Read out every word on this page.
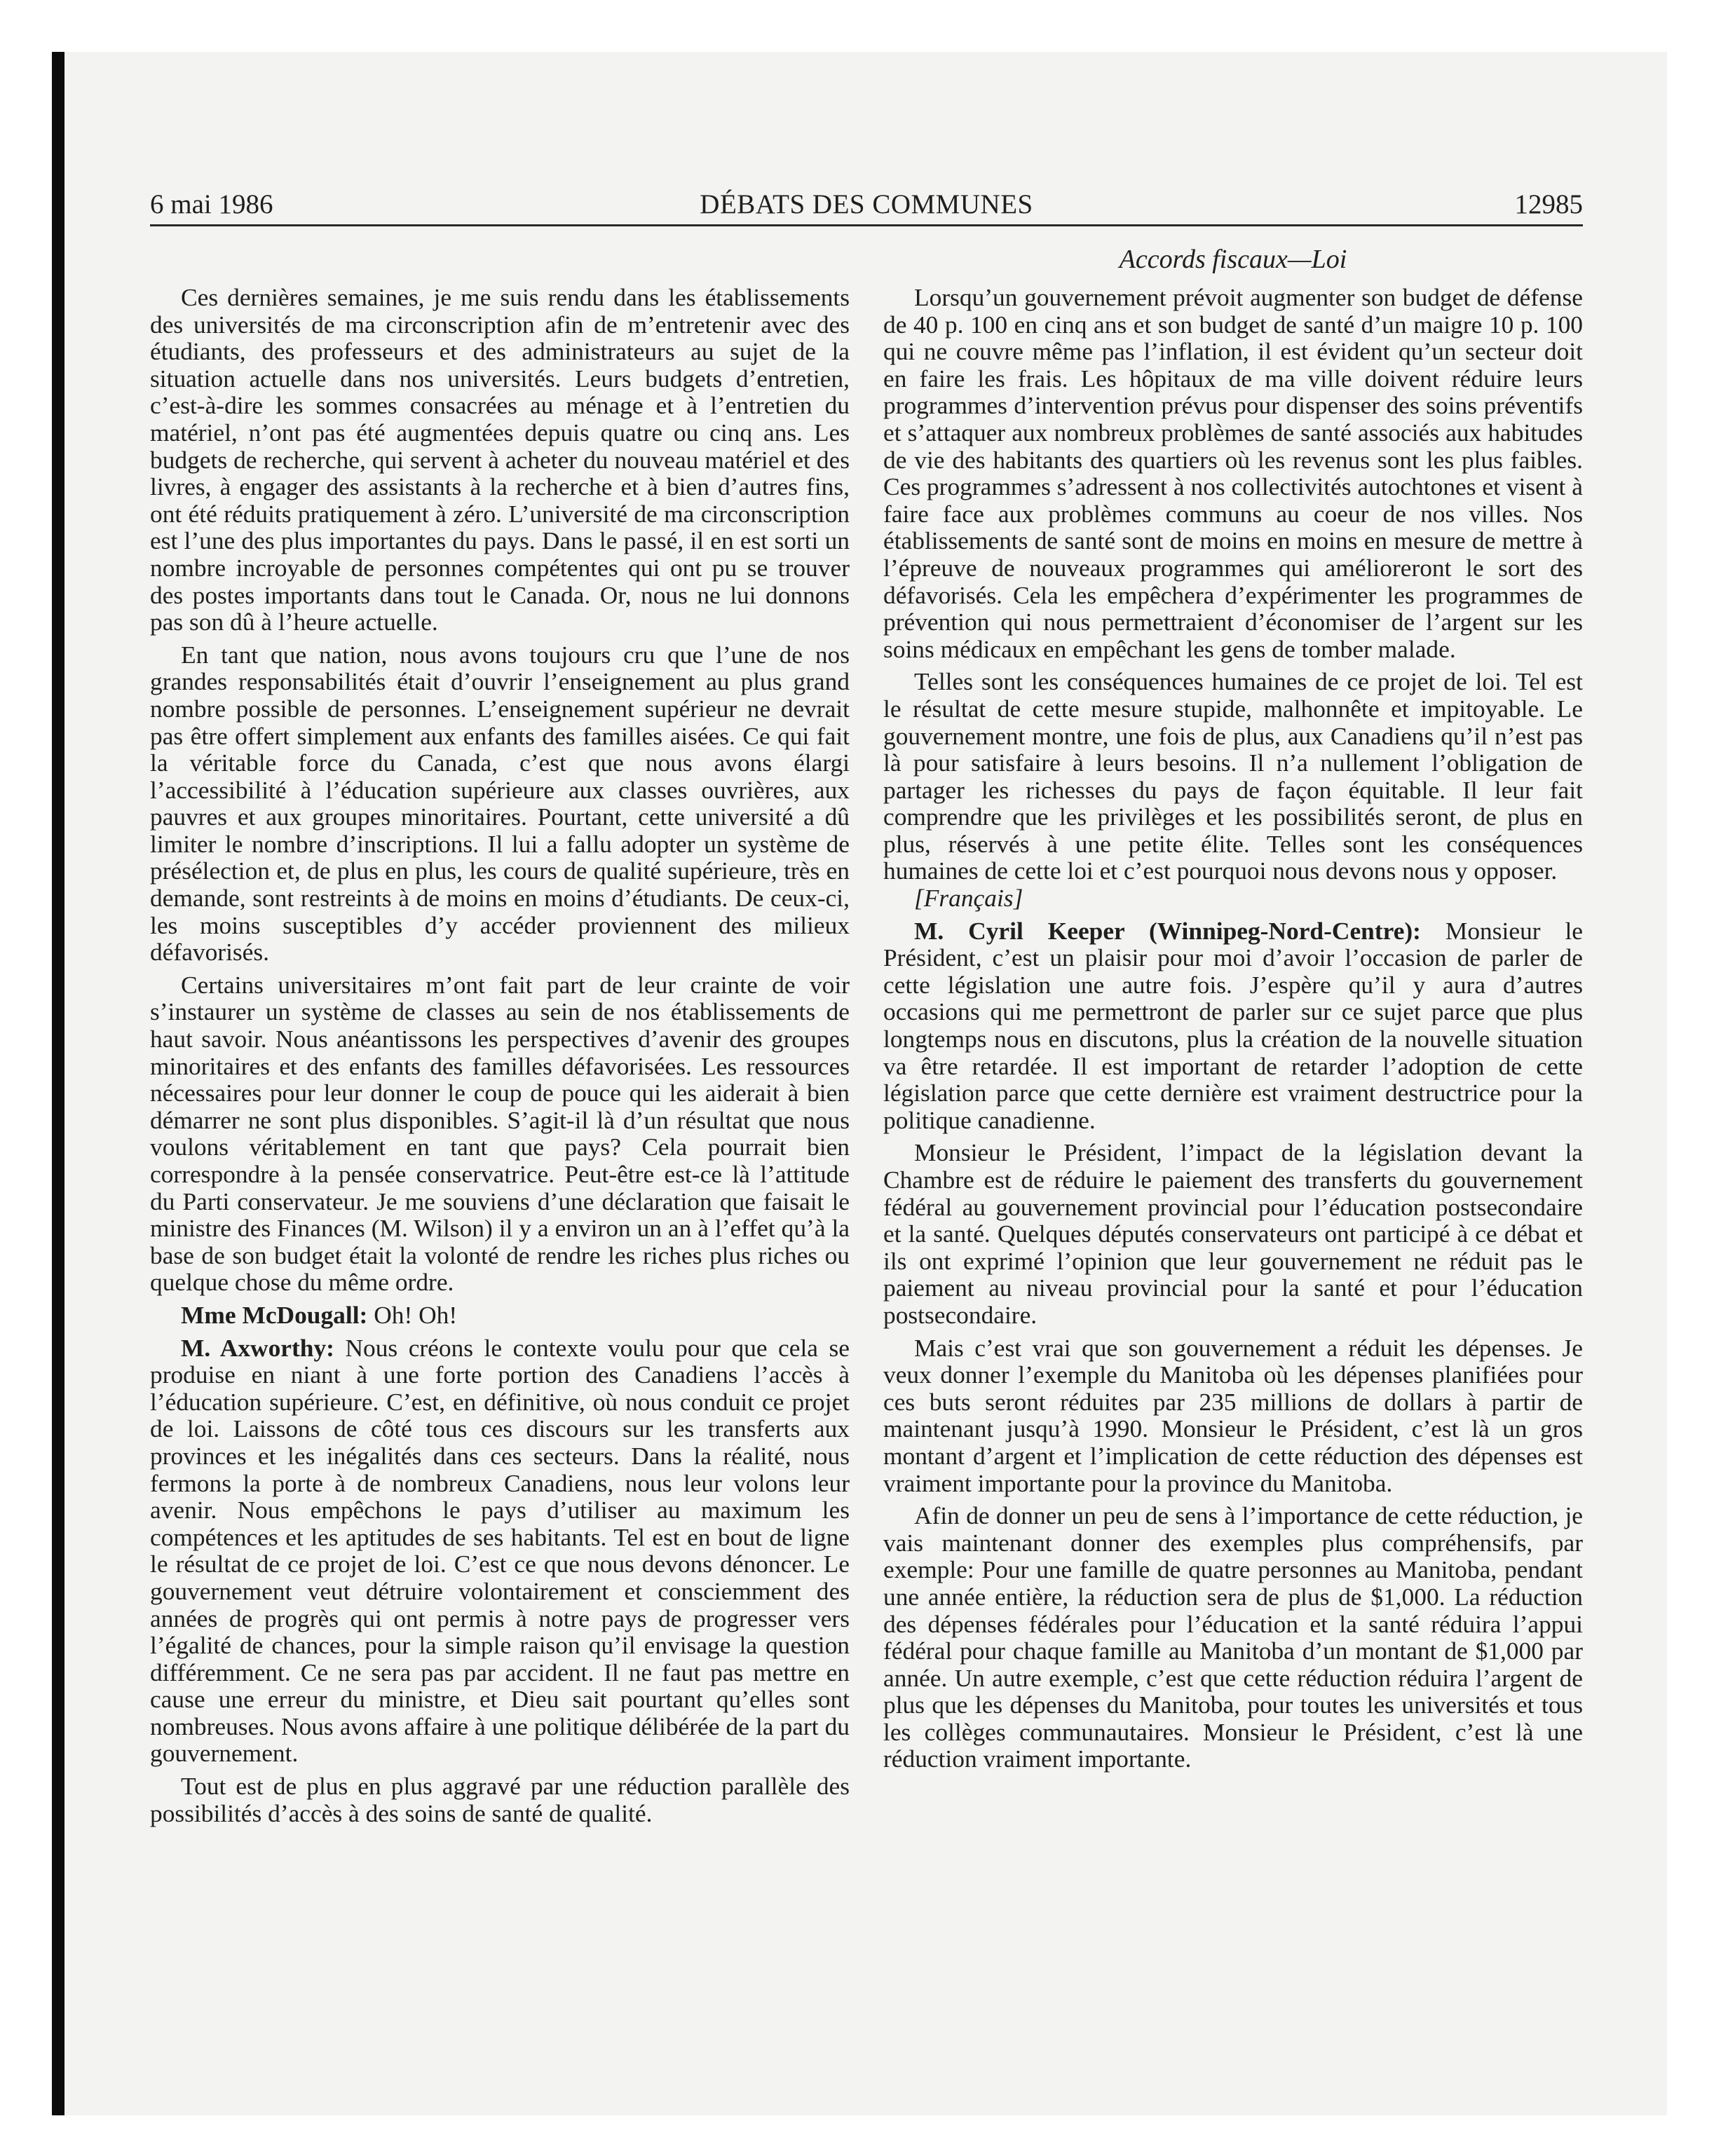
6 mai 1986	DÉBATS DES COMMUNES	12985
Accords fiscaux—Loi

Ces dernières semaines, je me suis rendu dans les établissements des universités de ma circonscription afin de m’entretenir avec des étudiants, des professeurs et des administrateurs au sujet de la situation actuelle dans nos universités. Leurs budgets d’entretien, c’est-à-dire les sommes consacrées au ménage et à l’entretien du matériel, n’ont pas été augmentées depuis quatre ou cinq ans. Les budgets de recherche, qui servent à acheter du nouveau matériel et des livres, à engager des assistants à la recherche et à bien d’autres fins, ont été réduits pratiquement à zéro. L’université de ma circonscription est l’une des plus importantes du pays. Dans le passé, il en est sorti un nombre incroyable de personnes compétentes qui ont pu se trouver des postes importants dans tout le Canada. Or, nous ne lui donnons pas son dû à l’heure actuelle.

En tant que nation, nous avons toujours cru que l’une de nos grandes responsabilités était d’ouvrir l’enseignement au plus grand nombre possible de personnes. L’enseignement supérieur ne devrait pas être offert simplement aux enfants des familles aisées. Ce qui fait la véritable force du Canada, c’est que nous avons élargi l’accessibilité à l’éducation supérieure aux classes ouvrières, aux pauvres et aux groupes minoritaires. Pourtant, cette université a dû limiter le nombre d’inscriptions. Il lui a fallu adopter un système de présélection et, de plus en plus, les cours de qualité supérieure, très en demande, sont restreints à de moins en moins d’étudiants. De ceux-ci, les moins susceptibles d’y accéder proviennent des milieux défavorisés.

Certains universitaires m’ont fait part de leur crainte de voir s’instaurer un système de classes au sein de nos établissements de haut savoir. Nous anéantissons les perspectives d’avenir des groupes minoritaires et des enfants des familles défavorisées. Les ressources nécessaires pour leur donner le coup de pouce qui les aiderait à bien démarrer ne sont plus disponibles. S’agit-il là d’un résultat que nous voulons véritablement en tant que pays? Cela pourrait bien correspondre à la pensée conservatrice. Peut-être est-ce là l’attitude du Parti conservateur. Je me souviens d’une déclaration que faisait le ministre des Finances (M. Wilson) il y a environ un an à l’effet qu’à la base de son budget était la volonté de rendre les riches plus riches ou quelque chose du même ordre.

Mme McDougall: Oh! Oh!

M. Axworthy: Nous créons le contexte voulu pour que cela se produise en niant à une forte portion des Canadiens l’accès à l’éducation supérieure. C’est, en définitive, où nous conduit ce projet de loi. Laissons de côté tous ces discours sur les transferts aux provinces et les inégalités dans ces secteurs. Dans la réalité, nous fermons la porte à de nombreux Canadiens, nous leur volons leur avenir. Nous empêchons le pays d’utiliser au maximum les compétences et les aptitudes de ses habitants. Tel est en bout de ligne le résultat de ce projet de loi. C’est ce que nous devons dénoncer. Le gouvernement veut détruire volontairement et consciemment des années de progrès qui ont permis à notre pays de progresser vers l’égalité de chances, pour la simple raison qu’il envisage la question différemment. Ce ne sera pas par accident. Il ne faut pas mettre en cause une erreur du ministre, et Dieu sait pourtant qu’elles sont nombreuses. Nous avons affaire à une politique délibérée de la part du gouvernement.

Tout est de plus en plus aggravé par une réduction parallèle des possibilités d’accès à des soins de santé de qualité.

Lorsqu’un gouvernement prévoit augmenter son budget de défense de 40 p. 100 en cinq ans et son budget de santé d’un maigre 10 p. 100 qui ne couvre même pas l’inflation, il est évident qu’un secteur doit en faire les frais. Les hôpitaux de ma ville doivent réduire leurs programmes d’intervention prévus pour dispenser des soins préventifs et s’attaquer aux nombreux problèmes de santé associés aux habitudes de vie des habitants des quartiers où les revenus sont les plus faibles. Ces programmes s’adressent à nos collectivités autochtones et visent à faire face aux problèmes communs au coeur de nos villes. Nos établissements de santé sont de moins en moins en mesure de mettre à l’épreuve de nouveaux programmes qui amélioreront le sort des défavorisés. Cela les empêchera d’expérimenter les programmes de prévention qui nous permettraient d’économiser de l’argent sur les soins médicaux en empêchant les gens de tomber malade.

Telles sont les conséquences humaines de ce projet de loi. Tel est le résultat de cette mesure stupide, malhonnête et impitoyable. Le gouvernement montre, une fois de plus, aux Canadiens qu’il n’est pas là pour satisfaire à leurs besoins. Il n’a nullement l’obligation de partager les richesses du pays de façon équitable. Il leur fait comprendre que les privilèges et les possibilités seront, de plus en plus, réservés à une petite élite. Telles sont les conséquences humaines de cette loi et c’est pourquoi nous devons nous y opposer.

[Français]

M. Cyril Keeper (Winnipeg-Nord-Centre): Monsieur le Président, c’est un plaisir pour moi d’avoir l’occasion de parler de cette législation une autre fois. J’espère qu’il y aura d’autres occasions qui me permettront de parler sur ce sujet parce que plus longtemps nous en discutons, plus la création de la nouvelle situation va être retardée. Il est important de retarder l’adoption de cette législation parce que cette dernière est vraiment destructrice pour la politique canadienne.

Monsieur le Président, l’impact de la législation devant la Chambre est de réduire le paiement des transferts du gouvernement fédéral au gouvernement provincial pour l’éducation postsecondaire et la santé. Quelques députés conservateurs ont participé à ce débat et ils ont exprimé l’opinion que leur gouvernement ne réduit pas le paiement au niveau provincial pour la santé et pour l’éducation postsecondaire.

Mais c’est vrai que son gouvernement a réduit les dépenses. Je veux donner l’exemple du Manitoba où les dépenses planifiées pour ces buts seront réduites par 235 millions de dollars à partir de maintenant jusqu’à 1990. Monsieur le Président, c’est là un gros montant d’argent et l’implication de cette réduction des dépenses est vraiment importante pour la province du Manitoba.

Afin de donner un peu de sens à l’importance de cette réduction, je vais maintenant donner des exemples plus compréhensifs, par exemple: Pour une famille de quatre personnes au Manitoba, pendant une année entière, la réduction sera de plus de $1,000. La réduction des dépenses fédérales pour l’éducation et la santé réduira l’appui fédéral pour chaque famille au Manitoba d’un montant de $1,000 par année. Un autre exemple, c’est que cette réduction réduira l’argent de plus que les dépenses du Manitoba, pour toutes les universités et tous les collèges communautaires. Monsieur le Président, c’est là une réduction vraiment importante.
